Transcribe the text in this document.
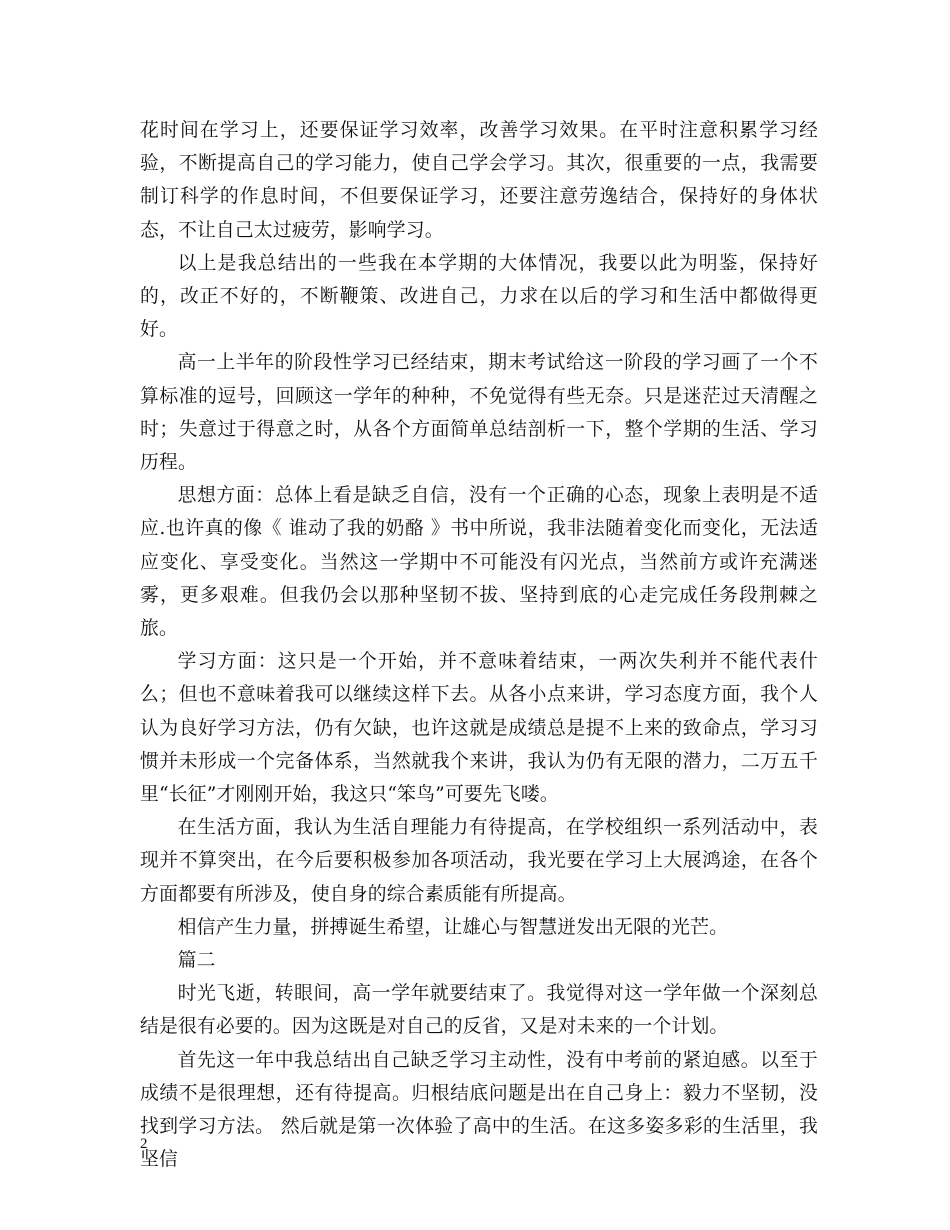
花时间在学习上，还要保证学习效率，改善学习效果。在平时注意积累学习经验，不断提高自己的学习能力，使自己学会学习。其次，很重要的一点，我需要制订科学的作息时间，不但要保证学习，还要注意劳逸结合，保持好的身体状态，不让自己太过疲劳，影响学习。

以上是我总结出的一些我在本学期的大体情况，我要以此为明鉴，保持好的，改正不好的，不断鞭策、改进自己，力求在以后的学习和生活中都做得更好。

高一上半年的阶段性学习已经结束，期末考试给这一阶段的学习画了一个不算标准的逗号，回顾这一学年的种种，不免觉得有些无奈。只是迷茫过天清醒之时；失意过于得意之时，从各个方面简单总结剖析一下，整个学期的生活、学习历程。

思想方面：总体上看是缺乏自信，没有一个正确的心态，现象上表明是不适应.也许真的像《 谁动了我的奶酪 》书中所说，我非法随着变化而变化，无法适应变化、享受变化。当然这一学期中不可能没有闪光点，当然前方或许充满迷雾，更多艰难。但我仍会以那种坚韧不拔、坚持到底的心走完成任务段荆棘之旅。

学习方面：这只是一个开始，并不意味着结束，一两次失利并不能代表什么；但也不意味着我可以继续这样下去。从各小点来讲，学习态度方面，我个人认为良好学习方法，仍有欠缺，也许这就是成绩总是提不上来的致命点，学习习惯并未形成一个完备体系，当然就我个来讲，我认为仍有无限的潜力，二万五千里“长征”才刚刚开始，我这只“笨鸟”可要先飞喽。

在生活方面，我认为生活自理能力有待提高，在学校组织一系列活动中，表现并不算突出，在今后要积极参加各项活动，我光要在学习上大展鸿途，在各个方面都要有所涉及，使自身的综合素质能有所提高。

相信产生力量，拼搏诞生希望，让雄心与智慧迸发出无限的光芒。

篇二

时光飞逝，转眼间，高一学年就要结束了。我觉得对这一学年做一个深刻总结是很有必要的。因为这既是对自己的反省，又是对未来的一个计划。

首先这一年中我总结出自己缺乏学习主动性，没有中考前的紧迫感。以至于成绩不是很理想，还有待提高。归根结底问题是出在自己身上：毅力不坚韧，没找到学习方法。 然后就是第一次体验了高中的生活。在这多姿多彩的生活里，我坚信

2
